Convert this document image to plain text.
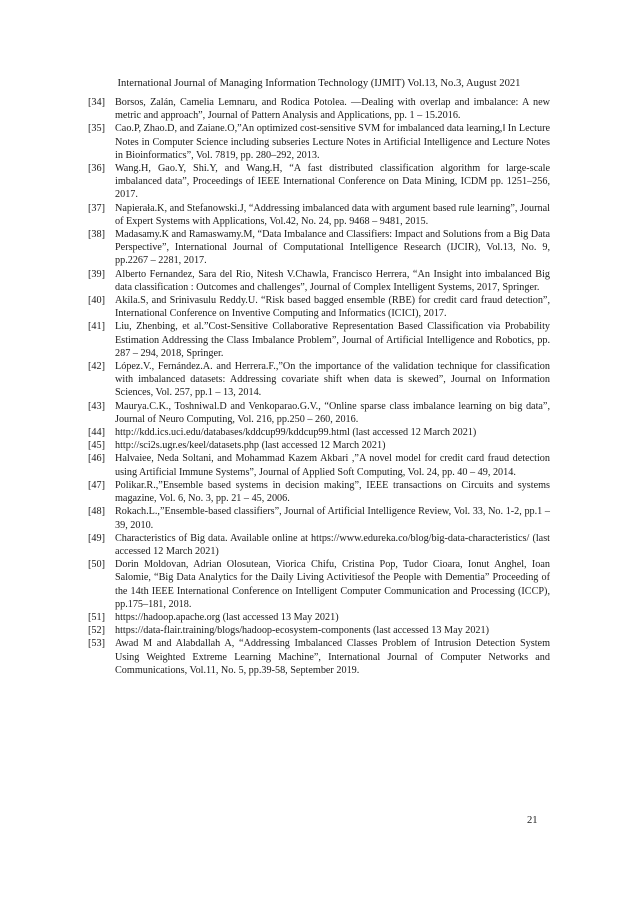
International Journal of Managing Information Technology (IJMIT) Vol.13, No.3, August 2021
[34] Borsos, Zalán, Camelia Lemnaru, and Rodica Potolea. ―Dealing with overlap and imbalance: A new metric and approach”, Journal of Pattern Analysis and Applications, pp. 1 – 15.2016.
[35] Cao.P, Zhao.D, and Zaiane.O,”An optimized cost-sensitive SVM for imbalanced data learning,‖ In Lecture Notes in Computer Science including subseries Lecture Notes in Artificial Intelligence and Lecture Notes in Bioinformatics”, Vol. 7819, pp. 280–292, 2013.
[36] Wang.H, Gao.Y, Shi.Y, and Wang.H, “A fast distributed classification algorithm for large-scale imbalanced data”, Proceedings of IEEE International Conference on Data Mining, ICDM pp. 1251–256, 2017.
[37] Napierała.K, and Stefanowski.J, “Addressing imbalanced data with argument based rule learning”, Journal of Expert Systems with Applications, Vol.42, No. 24, pp. 9468 – 9481, 2015.
[38] Madasamy.K and Ramaswamy.M, “Data Imbalance and Classifiers: Impact and Solutions from a Big Data Perspective”, International Journal of Computational Intelligence Research (IJCIR), Vol.13, No. 9, pp.2267 – 2281, 2017.
[39] Alberto Fernandez, Sara del Rio, Nitesh V.Chawla, Francisco Herrera, “An Insight into imbalanced Big data classification : Outcomes and challenges”, Journal of Complex Intelligent Systems, 2017, Springer.
[40] Akila.S, and Srinivasulu Reddy.U. “Risk based bagged ensemble (RBE) for credit card fraud detection”, International Conference on Inventive Computing and Informatics (ICICI), 2017.
[41] Liu, Zhenbing, et al.”Cost-Sensitive Collaborative Representation Based Classification via Probability Estimation Addressing the Class Imbalance Problem”, Journal of Artificial Intelligence and Robotics, pp. 287 – 294, 2018, Springer.
[42] López.V., Fernández.A. and Herrera.F.,”On the importance of the validation technique for classification with imbalanced datasets: Addressing covariate shift when data is skewed”, Journal on Information Sciences, Vol. 257, pp.1 – 13, 2014.
[43] Maurya.C.K., Toshniwal.D and Venkoparao.G.V., “Online sparse class imbalance learning on big data”, Journal of Neuro Computing, Vol. 216, pp.250 – 260, 2016.
[44] http://kdd.ics.uci.edu/databases/kddcup99/kddcup99.html (last accessed 12 March 2021)
[45] http://sci2s.ugr.es/keel/datasets.php (last accessed 12 March 2021)
[46] Halvaiee, Neda Soltani, and Mohammad Kazem Akbari ,”A novel model for credit card fraud detection using Artificial Immune Systems”, Journal of Applied Soft Computing, Vol. 24, pp. 40 – 49, 2014.
[47] Polikar.R.,”Ensemble based systems in decision making”, IEEE transactions on Circuits and systems magazine, Vol. 6, No. 3, pp. 21 – 45, 2006.
[48] Rokach.L.,”Ensemble-based classifiers”, Journal of Artificial Intelligence Review, Vol. 33, No. 1-2, pp.1 – 39, 2010.
[49] Characteristics of Big data. Available online at https://www.edureka.co/blog/big-data-characteristics/ (last accessed 12 March 2021)
[50] Dorin Moldovan, Adrian Olosutean, Viorica Chifu, Cristina Pop, Tudor Cioara, Ionut Anghel, Ioan Salomie, “Big Data Analytics for the Daily Living Activitiesof the People with Dementia” Proceeding of the 14th IEEE International Conference on Intelligent Computer Communication and Processing (ICCP), pp.175–181, 2018.
[51] https://hadoop.apache.org (last accessed 13 May 2021)
[52] https://data-flair.training/blogs/hadoop-ecosystem-components (last accessed 13 May 2021)
[53] Awad M and Alabdallah A, “Addressing Imbalanced Classes Problem of Intrusion Detection System Using Weighted Extreme Learning Machine”, International Journal of Computer Networks and Communications, Vol.11, No. 5, pp.39-58, September 2019.
21
